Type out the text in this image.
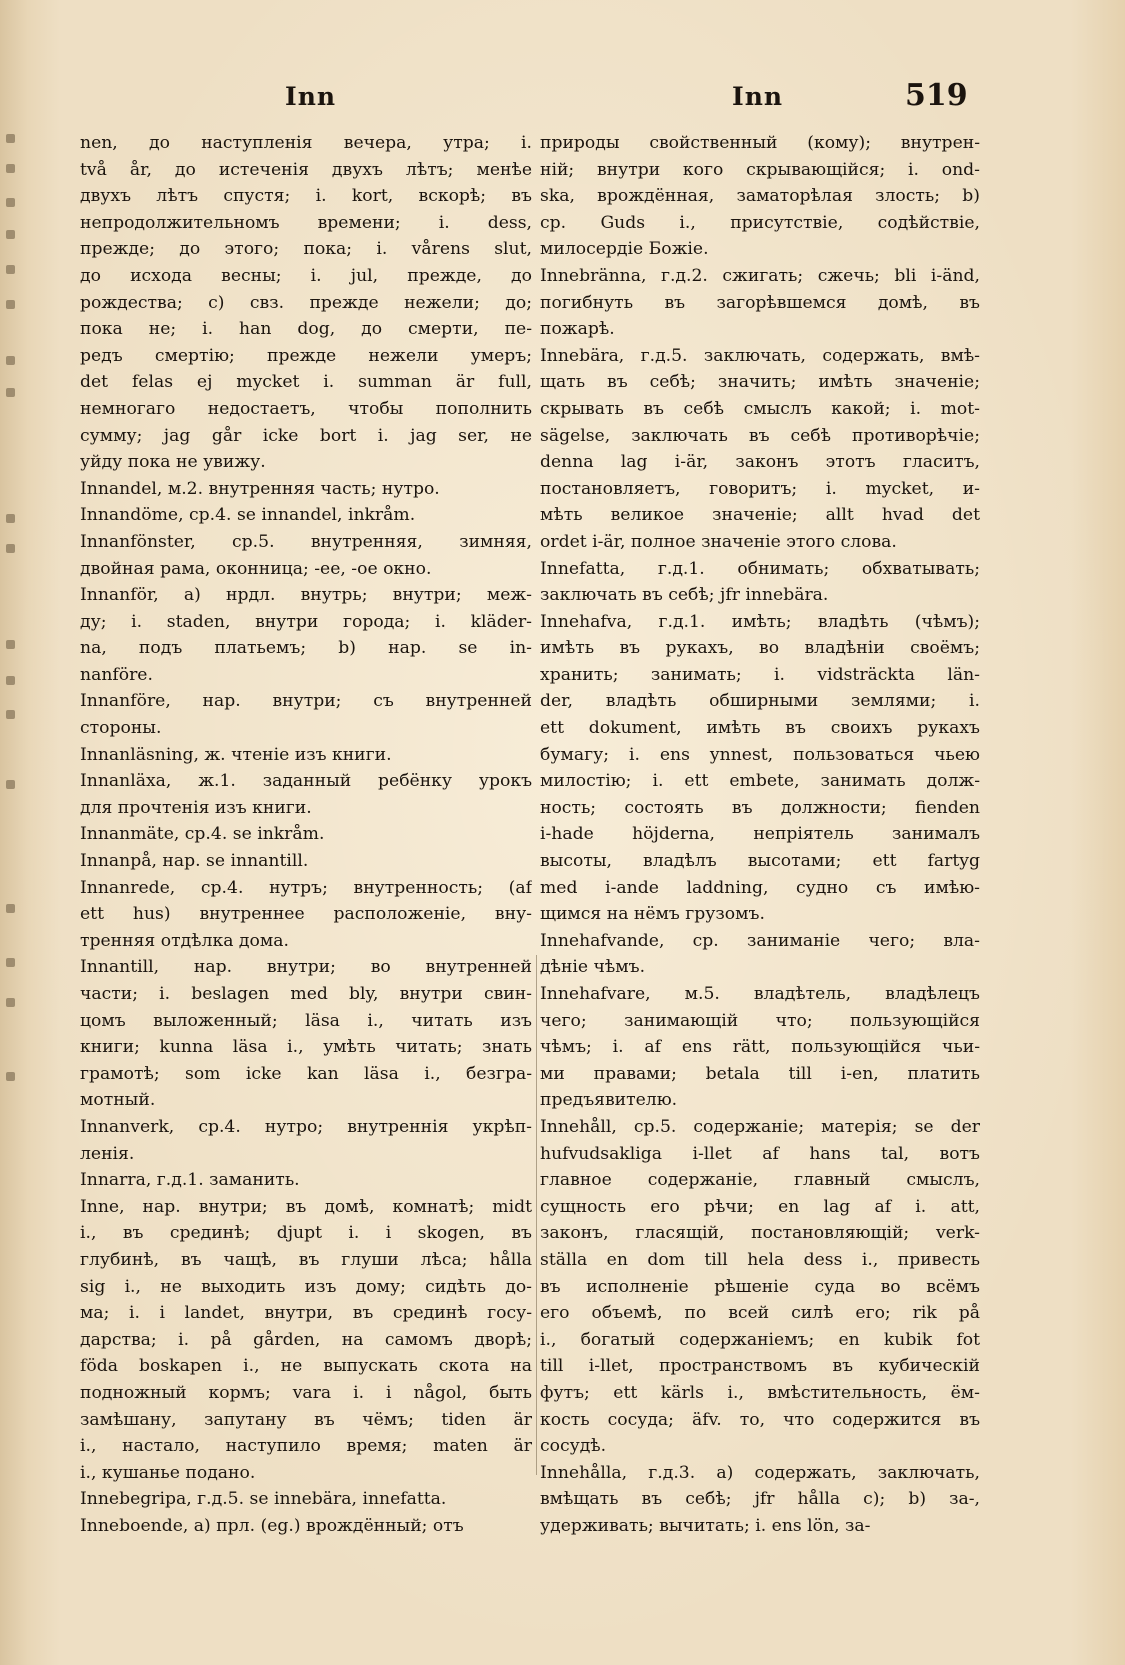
Inn	Inn	519
nen, до наступленія вечера, утра; i.
två år, до истеченія двухъ лѣтъ; менѣе
двухъ лѣтъ спустя; i. kort, вскорѣ; въ
непродолжительномъ времени; i. dess,
прежде; до этого; пока; i. vårens slut,
до исхода весны; i. jul, прежде, до
рождества; c) свз. прежде нежели; до;
пока не; i. han dog, до смерти, пе-
редъ смертію; прежде нежели умеръ;
det felas ej mycket i. summan är full,
немногаго недостаетъ, чтобы пополнить
сумму; jag går icke bort i. jag ser, не
уйду пока не увижу.
Innandel, м.2. внутренняя часть; нутро.
Innandöme, ср.4. se innandel, inkråm.
Innanfönster, ср.5. внутренняя, зимняя,
двойная рама, оконница; -ее, -ое окно.
Innanför, a) нрдл. внутрь; внутри; меж-
ду; i. staden, внутри города; i. kläder-
na, подъ платьемъ; b) нар. se in-
nanföre.
Innanföre, нар. внутри; съ внутренней
стороны.
Innanläsning, ж. чтеніе изъ книги.
Innanläxa, ж.1. заданный ребёнку урокъ
для прочтенія изъ книги.
Innanmäte, ср.4. se inkråm.
Innanpå, нар. se innantill.
Innanrede, ср.4. нутръ; внутренность; (af
ett hus) внутреннее расположеніе, вну-
тренняя отдѣлка дома.
Innantill, нар. внутри; во внутренней
части; i. beslagen med bly, внутри свин-
цомъ выложенный; läsa i., читать изъ
книги; kunna läsa i., умѣть читать; знать
грамотѣ; som icke kan läsa i., безгра-
мотный.
Innanverk, ср.4. нутро; внутреннія укрѣп-
ленія.
Innarra, г.д.1. заманить.
Inne, нар. внутри; въ домѣ, комнатѣ; midt
i., въ срединѣ; djupt i. i skogen, въ
глубинѣ, въ чащѣ, въ глуши лѣса; hålla
sig i., не выходить изъ дому; сидѣть до-
ма; i. i landet, внутри, въ срединѣ госу-
дарства; i. på gården, на самомъ дворѣ;
föda boskapen i., не выпускать скота на
подножный кормъ; vara i. i någol, быть
замѣшану, запутану въ чёмъ; tiden är
i., настало, наступило время; maten är
i., кушанье подано.
Innebegripa, г.д.5. se innebära, innefatta.
Inneboende, a) прл. (eg.) врождённый; отъ
природы свойственный (кому); внутрен-
ній; внутри кого скрывающійся; i. ond-
ska, врождённая, заматорѣлая злость; b)
ср. Guds i., присутствіе, содѣйствіе,
милосердіе Божіе.
Innebränna, г.д.2. сжигать; сжечь; bli i-änd,
погибнуть въ загорѣвшемся домѣ, въ
пожарѣ.
Innebära, г.д.5. заключать, содержать, вмѣ-
щать въ себѣ; значить; имѣть значеніе;
скрывать въ себѣ смыслъ какой; i. mot-
sägelse, заключать въ себѣ противорѣчіе;
denna lag i-är, законъ этотъ гласитъ,
постановляетъ, говоритъ; i. mycket, и-
мѣть великое значеніе; allt hvad det
ordet i-är, полное значеніе этого слова.
Innefatta, г.д.1. обнимать; обхватывать;
заключать въ себѣ; jfr innebära.
Innehafva, г.д.1. имѣть; владѣть (чѣмъ);
имѣть въ рукахъ, во владѣніи своёмъ;
хранить; занимать; i. vidsträckta län-
der, владѣть обширными землями; i.
ett dokument, имѣть въ своихъ рукахъ
бумагу; i. ens ynnest, пользоваться чьею
милостію; i. ett embete, занимать долж-
ность; состоять въ должности; fienden
i-hade höjderna, непріятель занималъ
высоты, владѣлъ высотами; ett fartyg
med i-ande laddning, судно съ имѣю-
щимся на нёмъ грузомъ.
Innehafvande, ср. заниманіе чего; вла-
дѣніе чѣмъ.
Innehafvare, м.5. владѣтель, владѣлецъ
чего; занимающій что; пользующійся
чѣмъ; i. af ens rätt, пользующійся чьи-
ми правами; betala till i-en, платить
предъявителю.
Innehåll, ср.5. содержаніе; матерія; se der
hufvudsakliga i-llet af hans tal, вотъ
главное содержаніе, главный смыслъ,
сущность его рѣчи; en lag af i. att,
законъ, гласящій, постановляющій; verk-
ställa en dom till hela dess i., привесть
въ исполненіе рѣшеніе суда во всёмъ
его объемѣ, по всей силѣ его; rik på
i., богатый содержаніемъ; en kubik fot
till i-llet, пространствомъ въ кубическій
футъ; ett kärls i., вмѣстительность, ём-
кость сосуда; äfv. то, что содержится въ
сосудѣ.
Innehålla, г.д.3. a) содержать, заключать,
вмѣщать въ себѣ; jfr hålla c); b) за-,
удерживать; вычитать; i. ens lön, за-
